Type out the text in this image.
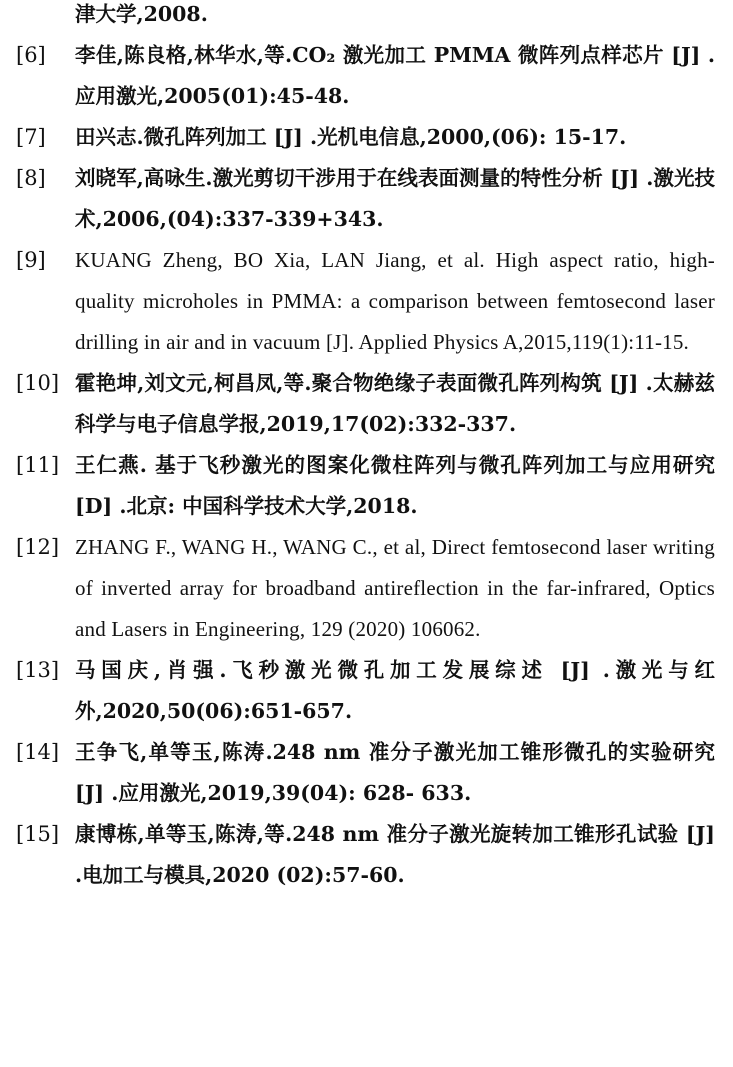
津大学,2008.
[6]	李佳,陈良格,林华水,等.CO₂ 激光加工 PMMA 微阵列点样芯片 [J] .应用激光,2005(01):45-48.
[7]	田兴志.微孔阵列加工 [J] .光机电信息,2000,(06): 15-17.
[8]	刘晓军,高咏生.激光剪切干涉用于在线表面测量的特性分析 [J] .激光技术,2006,(04):337-339+343.
[9]	KUANG Zheng, BO Xia, LAN Jiang, et al. High aspect ratio, high-quality microholes in PMMA: a comparison between femtosecond laser drilling in air and in vacuum [J]. Applied Physics A,2015,119(1):11-15.
[10] 霍艳坤,刘文元,柯昌凤,等.聚合物绝缘子表面微孔阵列构筑 [J] .太赫兹科学与电子信息学报,2019,17(02):332-337.
[11] 王仁燕. 基于飞秒激光的图案化微柱阵列与微孔阵列加工与应用研究 [D] .北京: 中国科学技术大学,2018.
[12] ZHANG F., WANG H., WANG C., et al, Direct femtosecond laser writing of inverted array for broadband antireflection in the far-infrared, Optics and Lasers in Engineering, 129 (2020) 106062.
[13] 马国庆,肖强.飞秒激光微孔加工发展综述 [J] .激光与红外,2020,50(06):651-657.
[14] 王争飞,单等玉,陈涛.248 nm 准分子激光加工锥形微孔的实验研究 [J] .应用激光,2019,39(04): 628- 633.
[15] 康博栋,单等玉,陈涛,等.248 nm 准分子激光旋转加工锥形孔试验 [J] .电加工与模具,2020 (02):57-60.
